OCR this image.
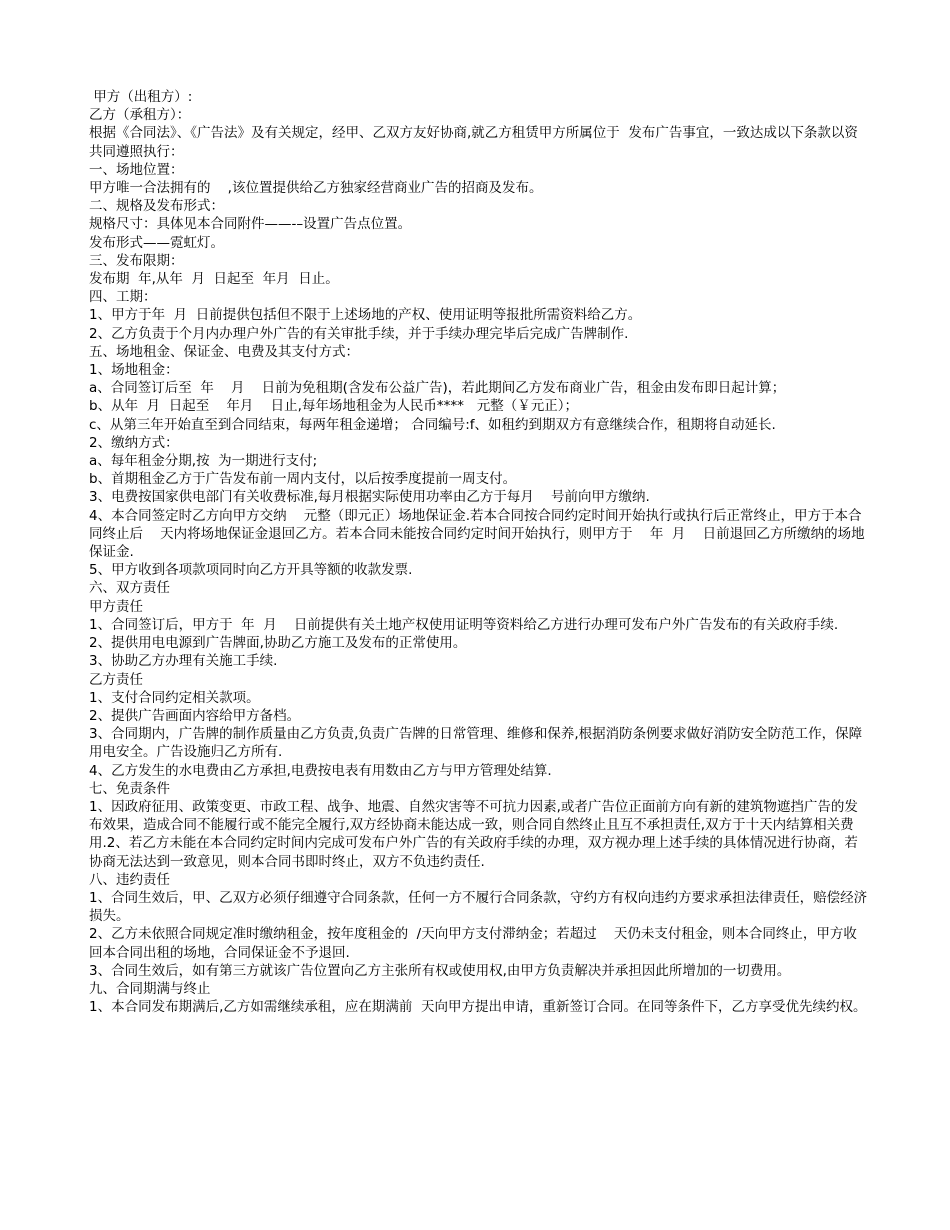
甲方（出租方）:

乙方（承租方）：

根据《合同法》、《广告法》及有关规定，经甲、乙双方友好协商,就乙方租赁甲方所属位于  发布广告事宜，一致达成以下条款以资共同遵照执行：

一、场地位置：

甲方唯一合法拥有的    ,该位置提供给乙方独家经营商业广告的招商及发布。

二、规格及发布形式：

规格尺寸：具体见本合同附件——-–设置广告点位置。

发布形式——霓虹灯。

三、发布限期：

发布期  年,从年  月  日起至  年月  日止。

四、工期：

1、甲方于年  月  日前提供包括但不限于上述场地的产权、使用证明等报批所需资料给乙方。

2、乙方负责于个月内办理户外广告的有关审批手续，并于手续办理完毕后完成广告牌制作.

五、场地租金、保证金、电费及其支付方式：

1、场地租金：

a、合同签订后至  年    月    日前为免租期(含发布公益广告)，若此期间乙方发布商业广告，租金由发布即日起计算；

b、从年  月  日起至    年月    日止,每年场地租金为人民币****   元整（￥元正）；

c、从第三年开始直至到合同结束，每两年租金递增； 合同编号:f、如租约到期双方有意继续合作，租期将自动延长.

2、缴纳方式：

a、每年租金分期,按  为一期进行支付;

b、首期租金乙方于广告发布前一周内支付，以后按季度提前一周支付。

3、电费按国家供电部门有关收费标准,每月根据实际使用功率由乙方于每月    号前向甲方缴纳.

4、本合同签定时乙方向甲方交纳    元整（即元正）场地保证金.若本合同按合同约定时间开始执行或执行后正常终止，甲方于本合同终止后    天内将场地保证金退回乙方。若本合同未能按合同约定时间开始执行，则甲方于    年  月    日前退回乙方所缴纳的场地保证金.

5、甲方收到各项款项同时向乙方开具等额的收款发票.

六、双方责任

甲方责任

1、合同签订后，甲方于  年  月    日前提供有关土地产权使用证明等资料给乙方进行办理可发布户外广告发布的有关政府手续.

2、提供用电电源到广告牌面,协助乙方施工及发布的正常使用。

3、协助乙方办理有关施工手续.

乙方责任

1、支付合同约定相关款项。

2、提供广告画面内容给甲方备档。

3、合同期内，广告牌的制作质量由乙方负责,负责广告牌的日常管理、维修和保养,根据消防条例要求做好消防安全防范工作，保障用电安全。广告设施归乙方所有.

4、乙方发生的水电费由乙方承担,电费按电表有用数由乙方与甲方管理处结算.

七、免责条件

1、因政府征用、政策变更、市政工程、战争、地震、自然灾害等不可抗力因素,或者广告位正面前方向有新的建筑物遮挡广告的发布效果，造成合同不能履行或不能完全履行,双方经协商未能达成一致，则合同自然终止且互不承担责任,双方于十天内结算相关费用.2、若乙方未能在本合同约定时间内完成可发布户外广告的有关政府手续的办理，双方视办理上述手续的具体情况进行协商，若协商无法达到一致意见，则本合同书即时终止，双方不负违约责任.

八、违约责任

1、合同生效后，甲、乙双方必须仔细遵守合同条款，任何一方不履行合同条款，守约方有权向违约方要求承担法律责任，赔偿经济损失。

2、乙方未依照合同规定准时缴纳租金，按年度租金的  /天向甲方支付滞纳金；若超过    天仍未支付租金，则本合同终止，甲方收回本合同出租的场地，合同保证金不予退回.

3、合同生效后，如有第三方就该广告位置向乙方主张所有权或使用权,由甲方负责解决并承担因此所增加的一切费用。

九、合同期满与终止

1、本合同发布期满后,乙方如需继续承租，应在期满前  天向甲方提出申请，重新签订合同。在同等条件下，乙方享受优先续约权。
